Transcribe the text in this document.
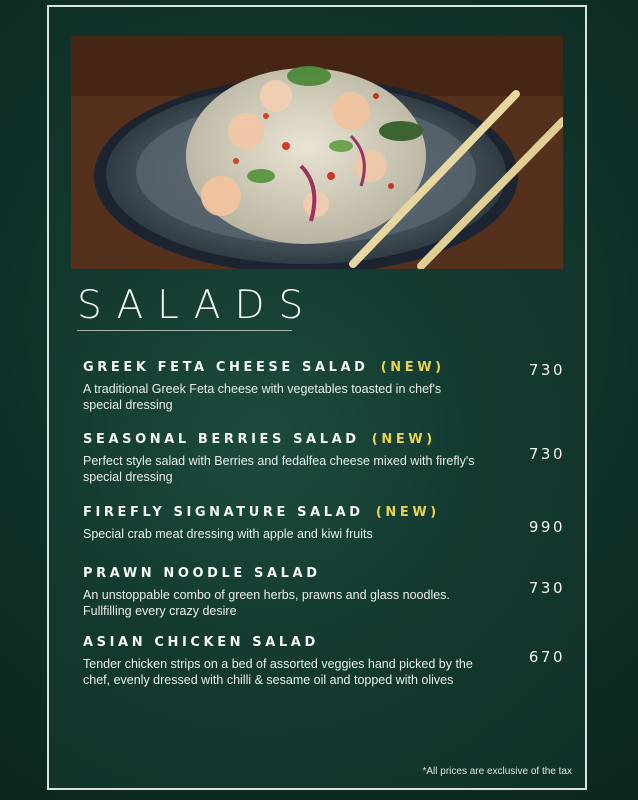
SALADS
GREEK FETA CHEESE SALAD (NEW)
A traditional Greek Feta cheese with vegetables toasted in chef's special dressing
730
SEASONAL BERRIES SALAD (NEW)
Perfect style salad with Berries and fedalfea cheese mixed with firefly's special dressing
730
FIREFLY SIGNATURE SALAD (NEW)
Special crab meat dressing with apple and kiwi fruits	990
PRAWN NOODLE SALAD
An unstoppable combo of green herbs, prawns and glass noodles. Fullfilling every crazy desire
730
ASIAN CHICKEN SALAD
Tender chicken strips on a bed of assorted veggies hand picked by the chef, evenly dressed with chilli & sesame oil and topped with olives
670
*All prices are exclusive of the tax
